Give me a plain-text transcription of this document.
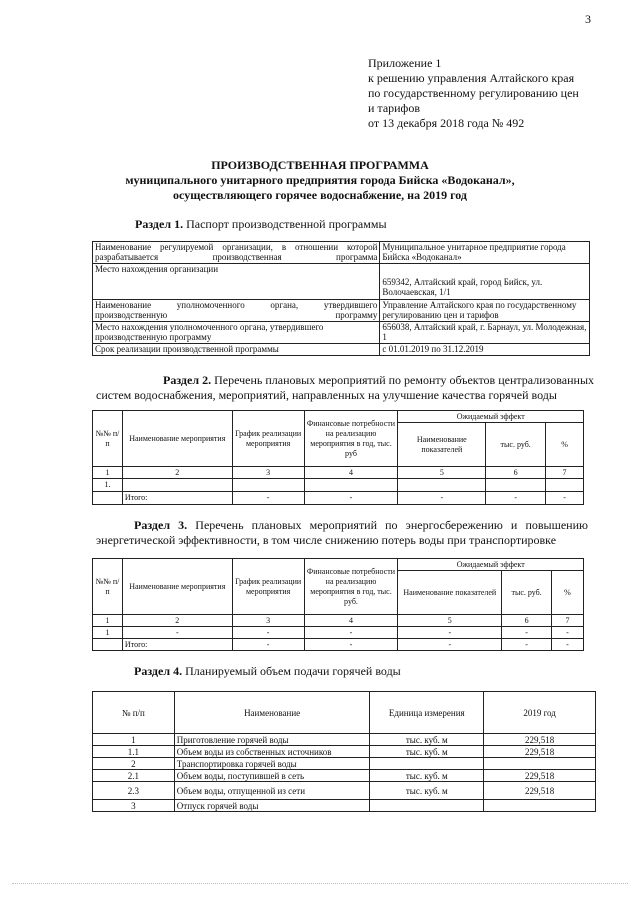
3
Приложение 1
к решению управления Алтайского края
по государственному регулированию цен
и тарифов
от 13 декабря 2018 года № 492
ПРОИЗВОДСТВЕННАЯ ПРОГРАММА
муниципального унитарного предприятия города Бийска «Водоканал»,
осуществляющего горячее водоснабжение, на 2019 год
Раздел 1. Паспорт производственной программы
Наименование регулируемой организации, в отношении которой разрабатывается производственная программа	Муниципальное унитарное предприятие города Бийска «Водоканал»
Место нахождения организации	659342, Алтайский край, город Бийск, ул. Волочаевская, 1/1
Наименование уполномоченного органа, утвердившего производственную программу	Управление Алтайского края по государственному регулированию цен и тарифов
Место нахождения уполномоченного органа, утвердившего производственную программу	656038, Алтайский край, г. Барнаул, ул. Молодежная, 1
Срок реализации производственной программы	с 01.01.2019 по 31.12.2019
Раздел 2. Перечень плановых мероприятий по ремонту объектов централизованных
систем водоснабжения, мероприятий, направленных на улучшение качества горячей воды
№№ п/п	Наименование мероприятия	График реализации мероприятия	Финансовые потребности на реализацию мероприятия в год, тыс. руб	Ожидаемый эффект		
				Наименование показателей	тыс. руб.	%
1	2	3	4	5	6	7
1.						
	Итого:	-	-	-	-	-
Раздел 3. Перечень плановых мероприятий по энергосбережению и повышению
энергетической эффективности, в том числе снижению потерь воды при транспортировке
№№ п/п	Наименование мероприятия	График реализации мероприятия	Финансовые потребности на реализацию мероприятия в год, тыс. руб.	Ожидаемый эффект		
				Наименование показателей	тыс. руб.	%
1	2	3	4	5	6	7
1	-	-	-	-	-	-
	Итого:	-	-	-	-	-
Раздел 4. Планируемый объем подачи горячей воды
№ п/п	Наименование	Единица измерения	2019 год
1	Приготовление горячей воды	тыс. куб. м	229,518
1.1	Объем воды из собственных источников	тыс. куб. м	229,518
2	Транспортировка горячей воды		
2.1	Объем воды, поступившей в сеть	тыс. куб. м	229,518
2.3	Объем воды, отпущенной из сети	тыс. куб. м	229,518
3	Отпуск горячей воды		
